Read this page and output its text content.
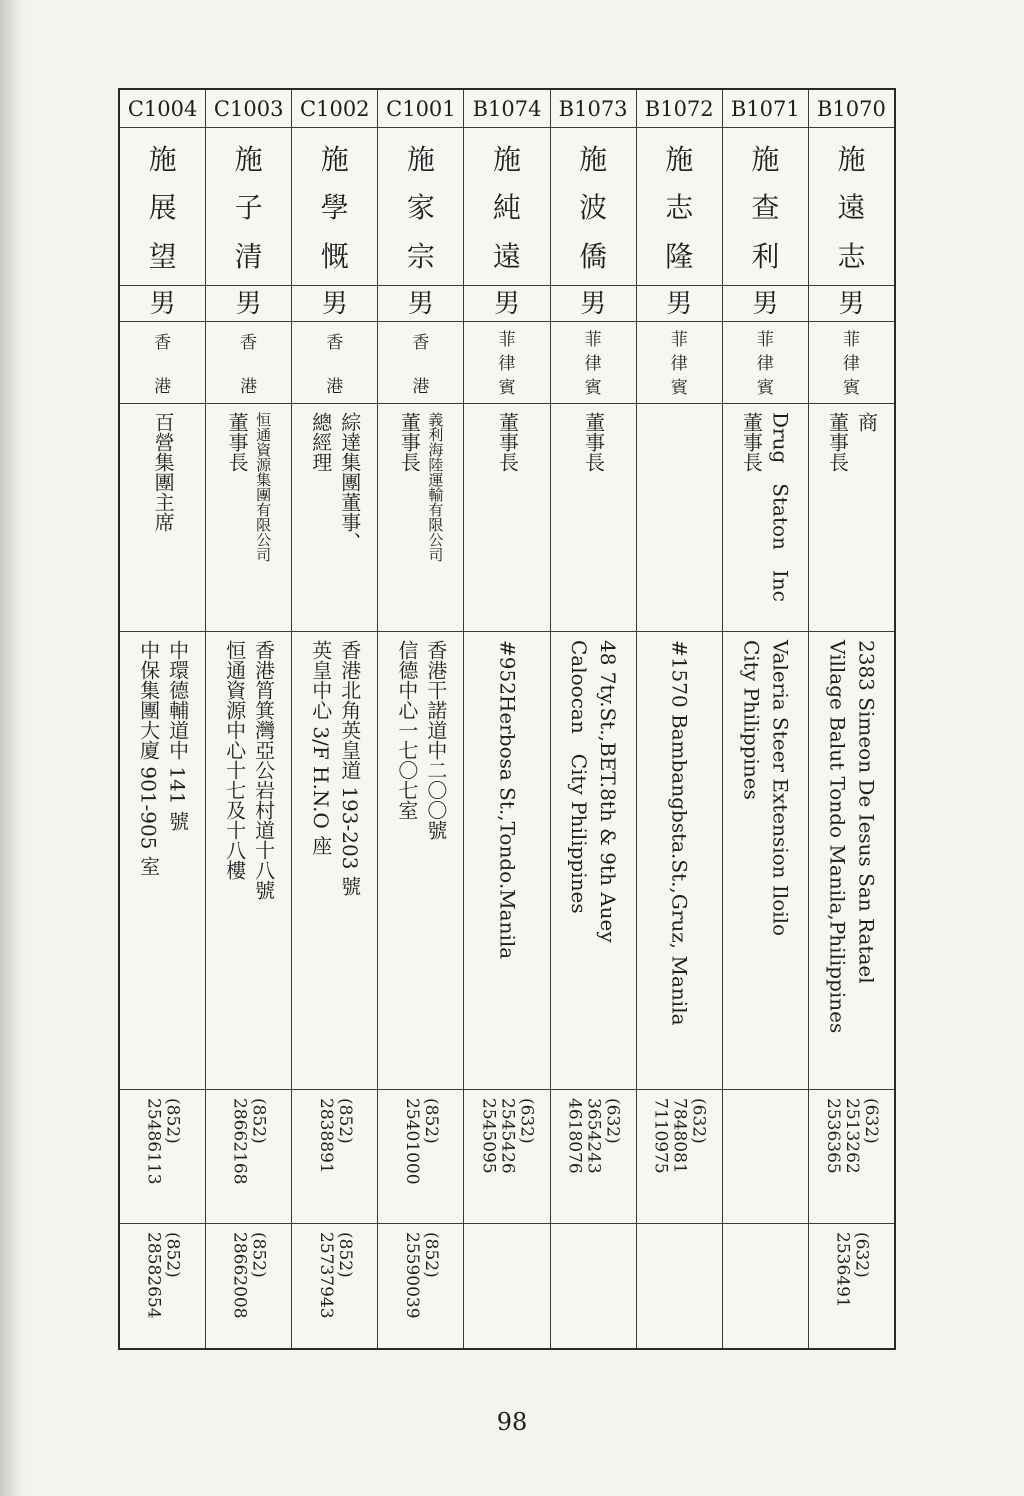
B1070
施
遠
志
男
菲
律
賓
商
董事長
2383 Simeon De Iesus San Ratael
Village Balut Tondo Manila,Philippines
(632)
2513262
2536365
(632)
2536491
B1071
施
查
利
男
菲
律
賓
Drug　Staton　Inc
董事長
Valeria Steer Extension Iloilo
City Philippines
B1072
施
志
隆
男
菲
律
賓
#1570 Bambangbsta.St.,Gruz, Manila
(632)
7848081
7110975
B1073
施
波
僑
男
菲
律
賓
董事長
48 7ty.St.,BET.8th & 9th Auey
Caloocan　City Philippines
(632)
3654243
4618076
B1074
施
純
遠
男
菲
律
賓
董事長
#952Herbosa St.,Tondo.Manila
(632)
2545426
2545095
C1001
施
家
宗
男
香
港
義利海陸運輸有限公司
董事長
香港干諾道中二〇〇號
信德中心一七〇七室
(852)
25401000
(852)
25590039
C1002
施
學
慨
男
香
港
綜達集團董事、
總經理
香港北角英皇道 193-203 號
英皇中心 3/F H.N.O 座
(852)
2838891
(852)
25737943
C1003
施
子
清
男
香
港
恒通資源集團有限公司
董事長
香港筲箕灣亞公岩村道十八號
恒通資源中心十七及十八樓
(852)
28662168
(852)
28662008
C1004
施
展
望
男
香
港
百營集團主席
中環德輔道中 141 號
中保集團大廈 901-905 室
(852)
25486113
(852)
28582654
98
